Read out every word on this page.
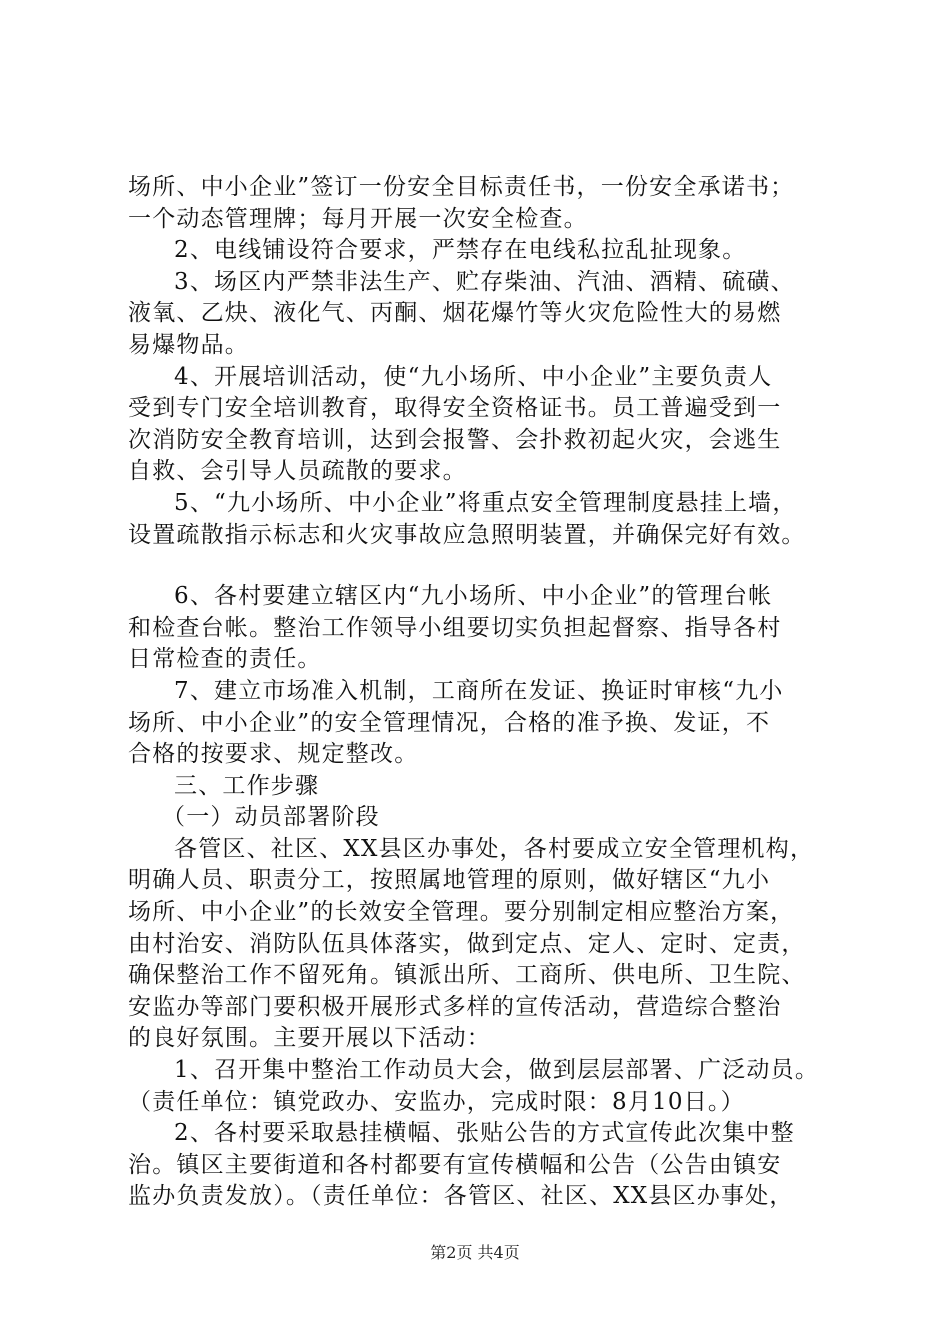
场所、中小企业”签订一份安全目标责任书，一份安全承诺书；
一个动态管理牌；每月开展一次安全检查。
2、电线铺设符合要求，严禁存在电线私拉乱扯现象。
3、场区内严禁非法生产、贮存柴油、汽油、酒精、硫磺、
液氧、乙炔、液化气、丙酮、烟花爆竹等火灾危险性大的易燃
易爆物品。
4、开展培训活动，使“九小场所、中小企业”主要负责人
受到专门安全培训教育，取得安全资格证书。员工普遍受到一
次消防安全教育培训，达到会报警、会扑救初起火灾，会逃生
自救、会引导人员疏散的要求。
5、“九小场所、中小企业”将重点安全管理制度悬挂上墙，
设置疏散指示标志和火灾事故应急照明装置，并确保完好有效。
6、各村要建立辖区内“九小场所、中小企业”的管理台帐
和检查台帐。整治工作领导小组要切实负担起督察、指导各村
日常检查的责任。
7、建立市场准入机制，工商所在发证、换证时审核“九小
场所、中小企业”的安全管理情况，合格的准予换、发证，不
合格的按要求、规定整改。
三、工作步骤
（一）动员部署阶段
各管区、社区、XX县区办事处，各村要成立安全管理机构，
明确人员、职责分工，按照属地管理的原则，做好辖区“九小
场所、中小企业”的长效安全管理。要分别制定相应整治方案，
由村治安、消防队伍具体落实，做到定点、定人、定时、定责，
确保整治工作不留死角。镇派出所、工商所、供电所、卫生院、
安监办等部门要积极开展形式多样的宣传活动，营造综合整治
的良好氛围。主要开展以下活动：
1、召开集中整治工作动员大会，做到层层部署、广泛动员。
（责任单位：镇党政办、安监办，完成时限：8月10日。）
2、各村要采取悬挂横幅、张贴公告的方式宣传此次集中整
治。镇区主要街道和各村都要有宣传横幅和公告（公告由镇安
监办负责发放）。（责任单位：各管区、社区、XX县区办事处，
第2页 共4页
